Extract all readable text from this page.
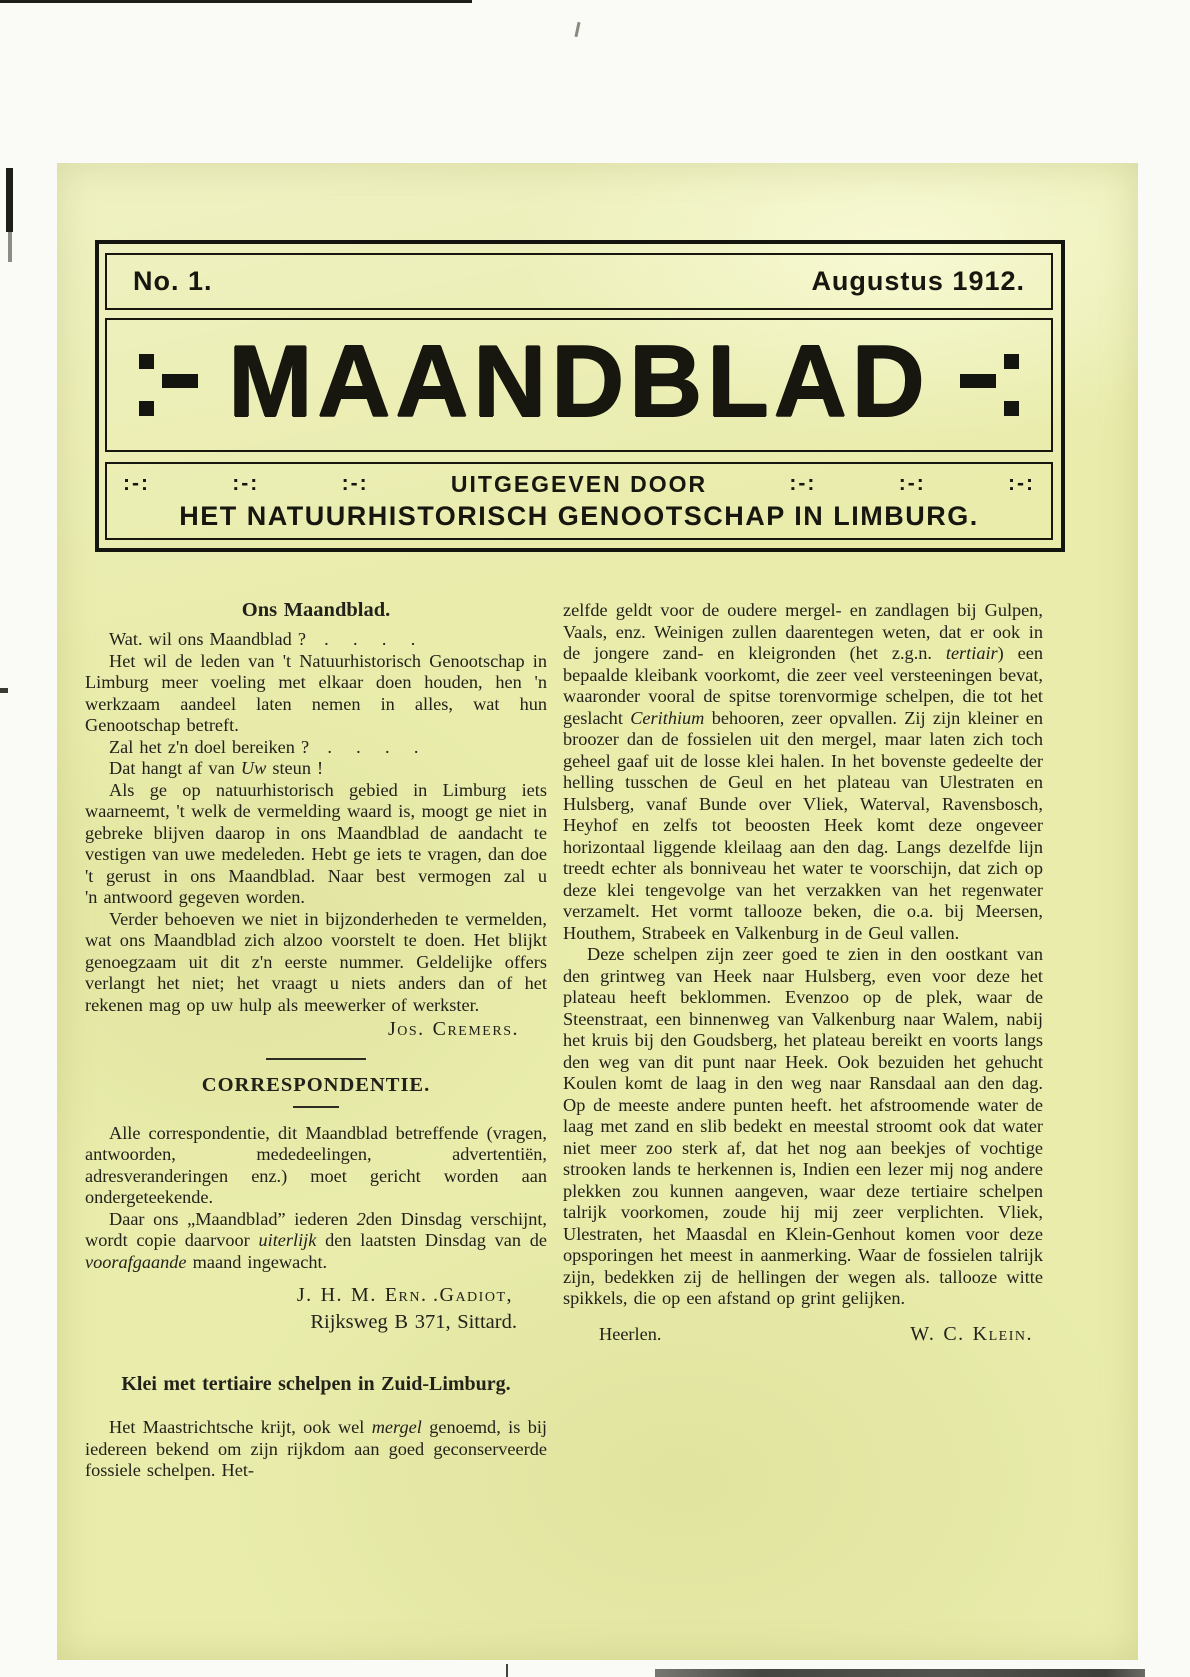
No. 1.	Augustus 1912.
MAANDBLAD
:-:	:-:	:-:	UITGEGEVEN DOOR	:-:	:-:	:-:
HET NATUURHISTORISCH GENOOTSCHAP IN LIMBURG.
Ons Maandblad.

Wat. wil ons Maandblad ?   .    .    .    .

Het wil de leden van 't Natuurhistorisch Genootschap in Limburg meer voeling met elkaar doen houden, hen 'n werkzaam aandeel laten nemen in alles, wat hun Genootschap betreft.

Zal het z'n doel bereiken ?   .    .    .    .

Dat hangt af van Uw steun !

Als ge op natuurhistorisch gebied in Limburg iets waarneemt, 't welk de vermelding waard is, moogt ge niet in gebreke blijven daarop in ons Maandblad de aandacht te vestigen van uwe medeleden. Hebt ge iets te vragen, dan doe 't gerust in ons Maandblad. Naar best vermogen zal u 'n antwoord gegeven worden.

Verder behoeven we niet in bijzonderheden te vermelden, wat ons Maandblad zich alzoo voorstelt te doen. Het blijkt genoegzaam uit dit z'n eerste nummer. Geldelijke offers verlangt het niet; het vraagt u niets anders dan of het rekenen mag op uw hulp als meewerker of werkster.

Jos. Cremers.
CORRESPONDENTIE.

Alle correspondentie, dit Maandblad betreffende (vragen, antwoorden, mededeelingen, advertentiën, adresveranderingen enz.) moet gericht worden aan ondergeteekende.

Daar ons „Maandblad” iederen 2den Dinsdag verschijnt, wordt copie daarvoor uiterlijk den laatsten Dinsdag van de voorafgaande maand ingewacht.

J. H. M. Ern. .Gadiot,
Rijksweg B 371, Sittard.
Klei met tertiaire schelpen in Zuid-Limburg.

Het Maastrichtsche krijt, ook wel mergel genoemd, is bij iedereen bekend om zijn rijkdom aan goed geconserveerde fossiele schelpen. Het-

zelfde geldt voor de oudere mergel- en zandlagen bij Gulpen, Vaals, enz. Weinigen zullen daarentegen weten, dat er ook in de jongere zand- en kleigronden (het z.g.n. tertiair) een bepaalde kleibank voorkomt, die zeer veel versteeningen bevat, waaronder vooral de spitse torenvormige schelpen, die tot het geslacht Cerithium behooren, zeer opvallen. Zij zijn kleiner en broozer dan de fossielen uit den mergel, maar laten zich toch geheel gaaf uit de losse klei halen. In het bovenste gedeelte der helling tusschen de Geul en het plateau van Ulestraten en Hulsberg, vanaf Bunde over Vliek, Waterval, Ravensbosch, Heyhof en zelfs tot beoosten Heek komt deze ongeveer horizontaal liggende kleilaag aan den dag. Langs dezelfde lijn treedt echter als bonniveau het water te voorschijn, dat zich op deze klei tengevolge van het verzakken van het regenwater verzamelt. Het vormt tallooze beken, die o.a. bij Meersen, Houthem, Strabeek en Valkenburg in de Geul vallen.

Deze schelpen zijn zeer goed te zien in den oostkant van den grintweg van Heek naar Hulsberg, even voor deze het plateau heeft beklommen. Evenzoo op de plek, waar de Steenstraat, een binnenweg van Valkenburg naar Walem, nabij het kruis bij den Goudsberg, het plateau bereikt en voorts langs den weg van dit punt naar Heek. Ook bezuiden het gehucht Koulen komt de laag in den weg naar Ransdaal aan den dag. Op de meeste andere punten heeft. het afstroomende water de laag met zand en slib bedekt en meestal stroomt ook dat water niet meer zoo sterk af, dat het nog aan beekjes of vochtige strooken lands te herkennen is, Indien een lezer mij nog andere plekken zou kunnen aangeven, waar deze tertiaire schelpen talrijk voorkomen, zoude hij mij zeer verplichten. Vliek, Ulestraten, het Maasdal en Klein-Genhout komen voor deze opsporingen het meest in aanmerking. Waar de fossielen talrijk zijn, bedekken zij de hellingen der wegen als. tallooze witte spikkels, die op een afstand op grint gelijken.

Heerlen.	W. C. Klein.
